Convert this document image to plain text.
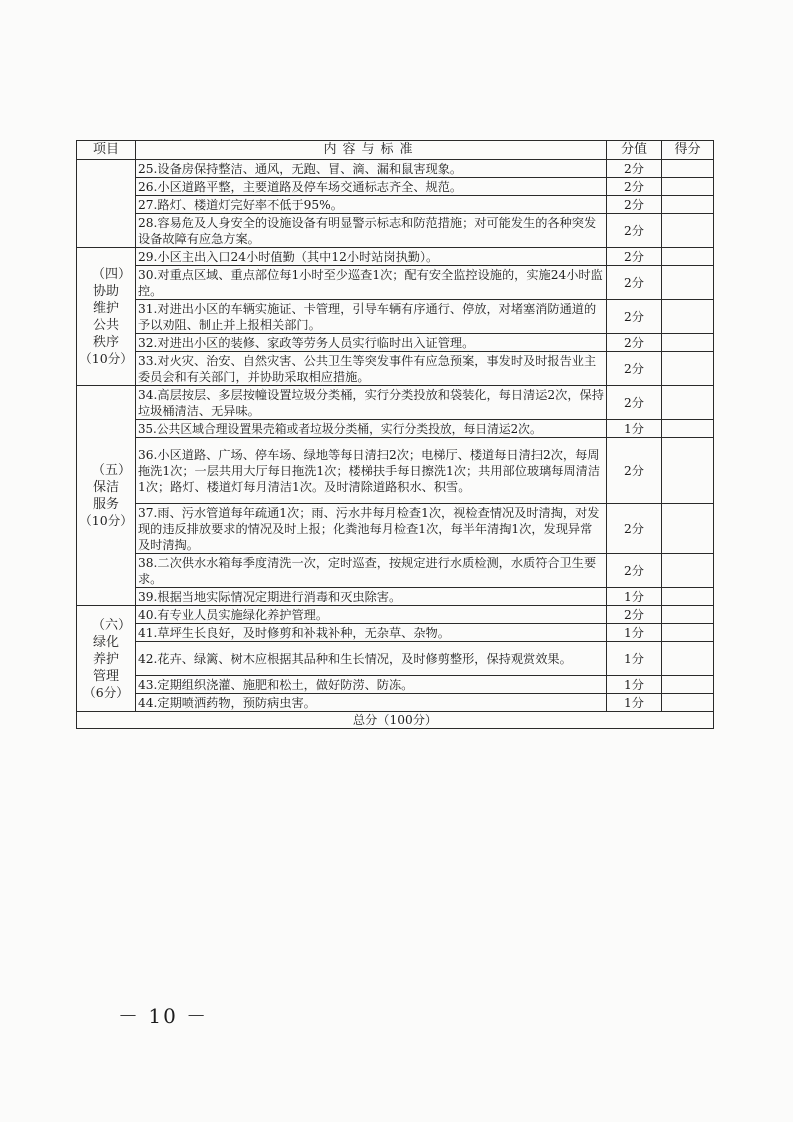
项目	内容与标准	分值	得分
	25.设备房保持整洁、通风，无跑、冒、滴、漏和鼠害现象。	2分	
	26.小区道路平整，主要道路及停车场交通标志齐全、规范。	2分	
	27.路灯、楼道灯完好率不低于95%。	2分	
	28.容易危及人身安全的设施设备有明显警示标志和防范措施；对可能发生的各种突发设备故障有应急方案。	2分	

（四）协助维护公共秩序
（10分）	29.小区主出入口24小时值勤（其中12小时站岗执勤）。	2分	
	30.对重点区域、重点部位每1小时至少巡查1次；配有安全监控设施的，实施24小时监控。	2分	
	31.对进出小区的车辆实施证、卡管理，引导车辆有序通行、停放，对堵塞消防通道的予以劝阻、制止并上报相关部门。	2分	
	32.对进出小区的装修、家政等劳务人员实行临时出入证管理。	2分	
	33.对火灾、治安、自然灾害、公共卫生等突发事件有应急预案，事发时及时报告业主委员会和有关部门，并协助采取相应措施。	2分	

（五）保洁服务
（10分）	34.高层按层、多层按幢设置垃圾分类桶，实行分类投放和袋装化，每日清运2次，保持垃圾桶清洁、无异味。	2分	
	35.公共区域合理设置果壳箱或者垃圾分类桶，实行分类投放，每日清运2次。	1分	
	36.小区道路、广场、停车场、绿地等每日清扫2次；电梯厅、楼道每日清扫2次，每周拖洗1次；一层共用大厅每日拖洗1次；楼梯扶手每日擦洗1次；共用部位玻璃每周清洁1次；路灯、楼道灯每月清洁1次。及时清除道路积水、积雪。	2分	
	37.雨、污水管道每年疏通1次；雨、污水井每月检查1次，视检查情况及时清掏，对发现的违反排放要求的情况及时上报；化粪池每月检查1次，每半年清掏1次，发现异常及时清掏。	2分	
	38.二次供水水箱每季度清洗一次，定时巡查，按规定进行水质检测，水质符合卫生要求。	2分	
	39.根据当地实际情况定期进行消毒和灭虫除害。	1分	

（六）绿化养护管理
（6分）	40.有专业人员实施绿化养护管理。	2分	
	41.草坪生长良好，及时修剪和补栽补种，无杂草、杂物。	1分	
	42.花卉、绿篱、树木应根据其品种和生长情况，及时修剪整形，保持观赏效果。	1分	
	43.定期组织浇灌、施肥和松土，做好防涝、防冻。	1分	
	44.定期喷洒药物，预防病虫害。	1分	
总分（100分）			
－ 10 －
